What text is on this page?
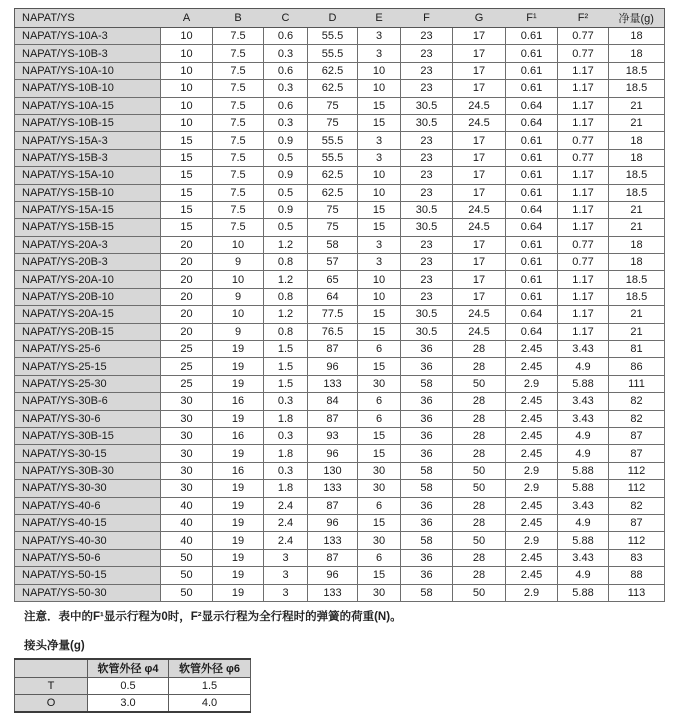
NAPAT/YS	A	B	C	D	E	F	G	F¹	F²	净量(g)
NAPAT/YS-10A-3	10	7.5	0.6	55.5	3	23	17	0.61	0.77	18
NAPAT/YS-10B-3	10	7.5	0.3	55.5	3	23	17	0.61	0.77	18
NAPAT/YS-10A-10	10	7.5	0.6	62.5	10	23	17	0.61	1.17	18.5
NAPAT/YS-10B-10	10	7.5	0.3	62.5	10	23	17	0.61	1.17	18.5
NAPAT/YS-10A-15	10	7.5	0.6	75	15	30.5	24.5	0.64	1.17	21
NAPAT/YS-10B-15	10	7.5	0.3	75	15	30.5	24.5	0.64	1.17	21
NAPAT/YS-15A-3	15	7.5	0.9	55.5	3	23	17	0.61	0.77	18
NAPAT/YS-15B-3	15	7.5	0.5	55.5	3	23	17	0.61	0.77	18
NAPAT/YS-15A-10	15	7.5	0.9	62.5	10	23	17	0.61	1.17	18.5
NAPAT/YS-15B-10	15	7.5	0.5	62.5	10	23	17	0.61	1.17	18.5
NAPAT/YS-15A-15	15	7.5	0.9	75	15	30.5	24.5	0.64	1.17	21
NAPAT/YS-15B-15	15	7.5	0.5	75	15	30.5	24.5	0.64	1.17	21
NAPAT/YS-20A-3	20	10	1.2	58	3	23	17	0.61	0.77	18
NAPAT/YS-20B-3	20	9	0.8	57	3	23	17	0.61	0.77	18
NAPAT/YS-20A-10	20	10	1.2	65	10	23	17	0.61	1.17	18.5
NAPAT/YS-20B-10	20	9	0.8	64	10	23	17	0.61	1.17	18.5
NAPAT/YS-20A-15	20	10	1.2	77.5	15	30.5	24.5	0.64	1.17	21
NAPAT/YS-20B-15	20	9	0.8	76.5	15	30.5	24.5	0.64	1.17	21
NAPAT/YS-25-6	25	19	1.5	87	6	36	28	2.45	3.43	81
NAPAT/YS-25-15	25	19	1.5	96	15	36	28	2.45	4.9	86
NAPAT/YS-25-30	25	19	1.5	133	30	58	50	2.9	5.88	111
NAPAT/YS-30B-6	30	16	0.3	84	6	36	28	2.45	3.43	82
NAPAT/YS-30-6	30	19	1.8	87	6	36	28	2.45	3.43	82
NAPAT/YS-30B-15	30	16	0.3	93	15	36	28	2.45	4.9	87
NAPAT/YS-30-15	30	19	1.8	96	15	36	28	2.45	4.9	87
NAPAT/YS-30B-30	30	16	0.3	130	30	58	50	2.9	5.88	112
NAPAT/YS-30-30	30	19	1.8	133	30	58	50	2.9	5.88	112
NAPAT/YS-40-6	40	19	2.4	87	6	36	28	2.45	3.43	82
NAPAT/YS-40-15	40	19	2.4	96	15	36	28	2.45	4.9	87
NAPAT/YS-40-30	40	19	2.4	133	30	58	50	2.9	5.88	112
NAPAT/YS-50-6	50	19	3	87	6	36	28	2.45	3.43	83
NAPAT/YS-50-15	50	19	3	96	15	36	28	2.45	4.9	88
NAPAT/YS-50-30	50	19	3	133	30	58	50	2.9	5.88	113

注意．表中的F¹显示行程为0时，F²显示行程为全行程时的弹簧的荷重(N)。

接头净量(g)

	软管外径 φ4	软管外径 φ6
T	0.5	1.5
O	3.0	4.0
